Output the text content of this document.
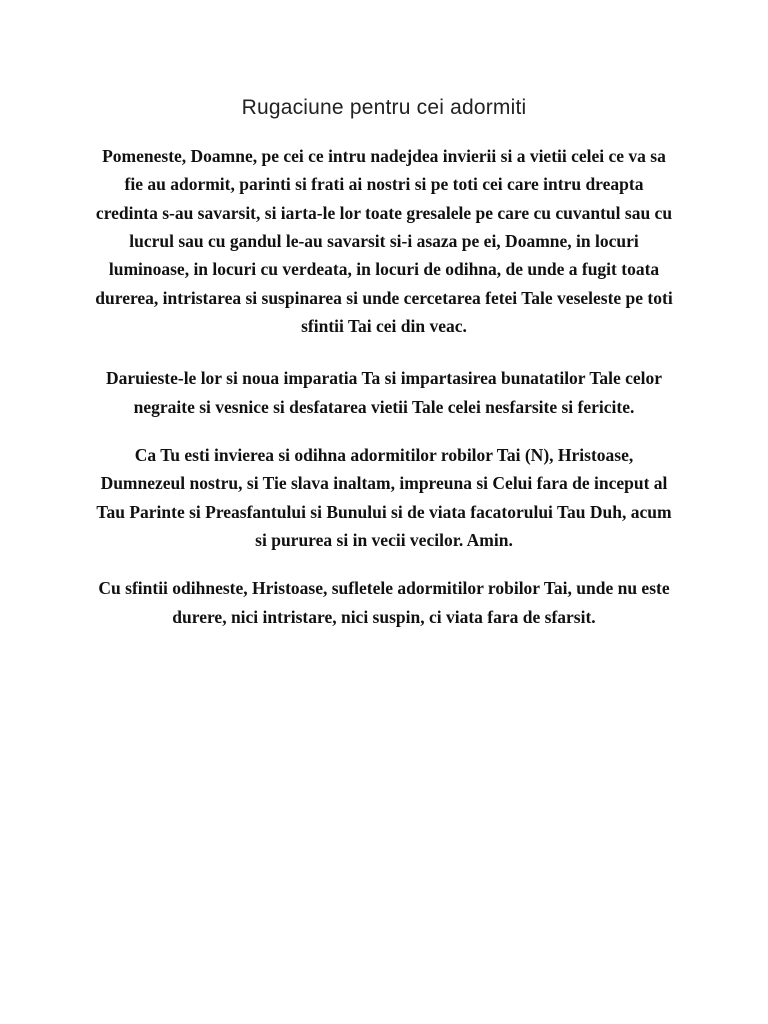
Rugaciune pentru cei adormiti

Pomeneste, Doamne, pe cei ce intru nadejdea invierii si a vietii celei ce va sa fie au adormit, parinti si frati ai nostri si pe toti cei care intru dreapta credinta s-au savarsit, si iarta-le lor toate gresalele pe care cu cuvantul sau cu lucrul sau cu gandul le-au savarsit si-i asaza pe ei, Doamne, in locuri luminoase, in locuri cu verdeata, in locuri de odihna, de unde a fugit toata durerea, intristarea si suspinarea si unde cercetarea fetei Tale veseleste pe toti sfintii Tai cei din veac.

Daruieste-le lor si noua imparatia Ta si impartasirea bunatatilor Tale celor negraite si vesnice si desfatarea vietii Tale celei nesfarsite si fericite.

Ca Tu esti invierea si odihna adormitilor robilor Tai (N), Hristoase, Dumnezeul nostru, si Tie slava inaltam, impreuna si Celui fara de inceput al Tau Parinte si Preasfantului si Bunului si de viata facatorului Tau Duh, acum si pururea si in vecii vecilor. Amin.

Cu sfintii odihneste, Hristoase, sufletele adormitilor robilor Tai, unde nu este durere, nici intristare, nici suspin, ci viata fara de sfarsit.
